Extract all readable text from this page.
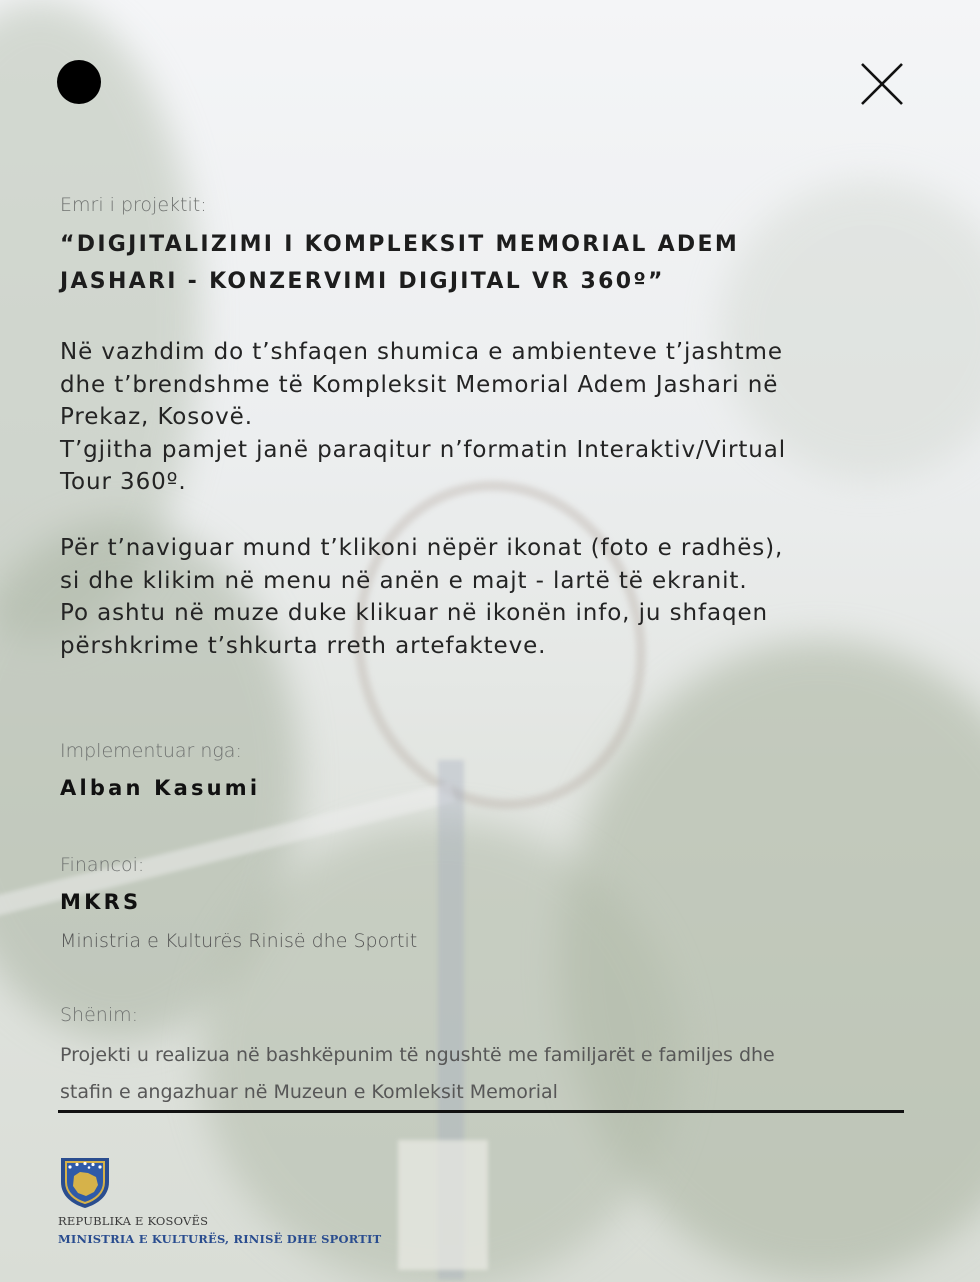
Emri i projektit:

“DIGJITALIZIMI I KOMPLEKSIT MEMORIAL ADEM JASHARI - KONZERVIMI DIGJITAL VR 360º”

Në vazhdim do t’shfaqen shumica e ambienteve t’jashtme
dhe t’brendshme të Kompleksit Memorial Adem Jashari në
Prekaz, Kosovë.
T’gjitha pamjet janë paraqitur n’formatin Interaktiv/Virtual
Tour 360º.

Për t’naviguar mund t’klikoni nëpër ikonat (foto e radhës),
si dhe klikim në menu në anën e majt - lartë të ekranit.
Po ashtu në muze duke klikuar në ikonën info, ju shfaqen
përshkrime t’shkurta rreth artefakteve.

Implementuar nga:
Alban Kasumi
Financoi:
MKRS
Ministria e Kulturës Rinisë dhe Sportit
Shënim:

Projekti u realizua në bashkëpunim të ngushtë me familjarët e familjes dhe
stafin e angazhuar në Muzeun e Komleksit Memorial

REPUBLIKA E KOSOVËS
MINISTRIA E KULTURËS, RINISË DHE SPORTIT
